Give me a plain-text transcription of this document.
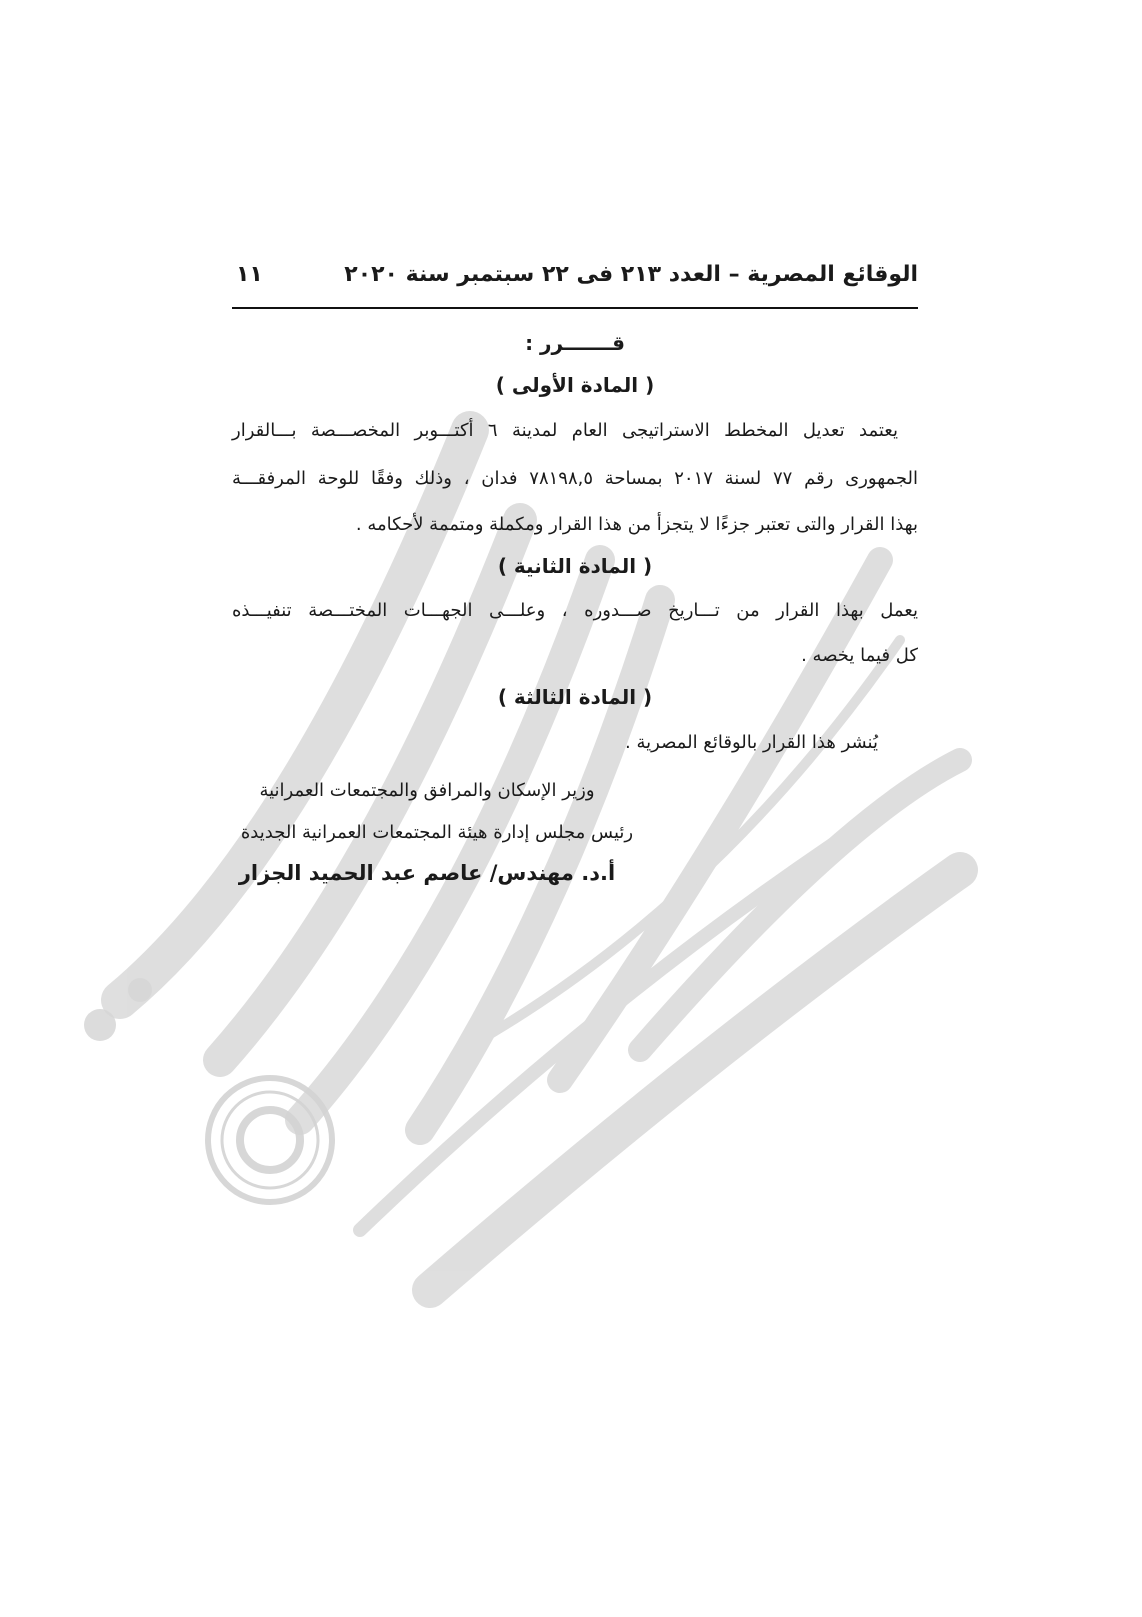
الوقائع المصرية – العدد ٢١٣ فى ٢٢ سبتمبر سنة ٢٠٢٠
١١
قـــــــرر :
( المادة الأولى )
يعتمد تعديل المخطط الاستراتيجى العام لمدينة ٦ أكتـــوبر المخصـــصة بـــالقرار
الجمهورى رقم ٧٧ لسنة ٢٠١٧ بمساحة ٧٨١٩٨,٥ فدان ، وذلك وفقًا للوحة المرفقـــة
بهذا القرار والتى تعتبر جزءًا لا يتجزأ من هذا القرار ومكملة ومتممة لأحكامه .
( المادة الثانية )
يعمل بهذا القرار من تـــاريخ صـــدوره ، وعلـــى الجهـــات المختـــصة تنفيـــذه
كل فيما يخصه .
( المادة الثالثة )
يُنشر هذا القرار بالوقائع المصرية .
وزير الإسكان والمرافق والمجتمعات العمرانية
رئيس مجلس إدارة هيئة المجتمعات العمرانية الجديدة
أ.د. مهندس/ عاصم عبد الحميد الجزار
